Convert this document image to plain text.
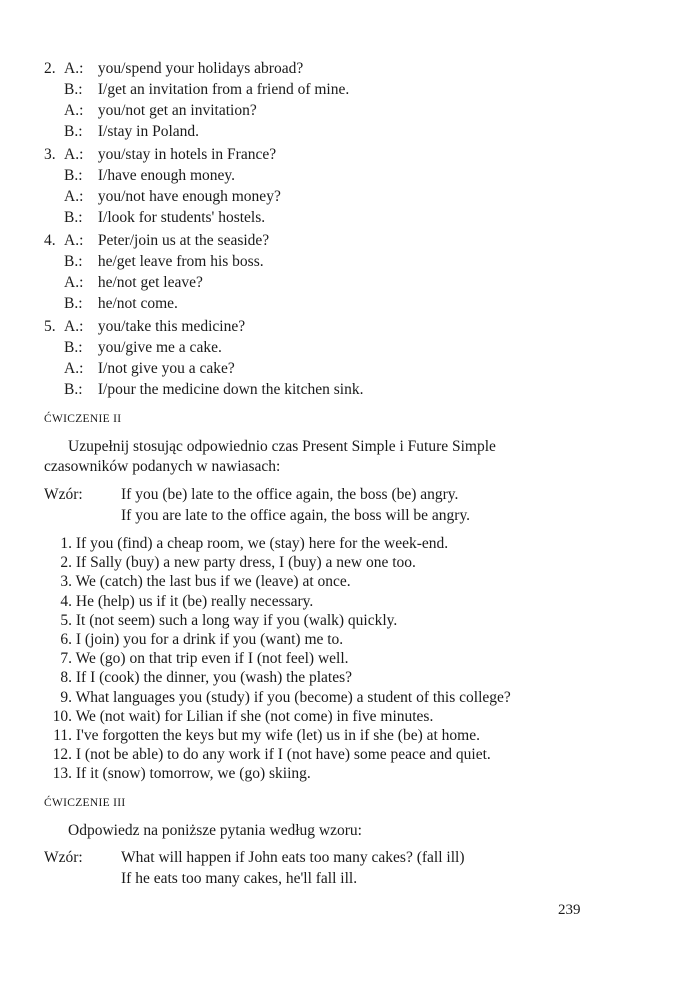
2. A.: you/spend your holidays abroad?
B.: I/get an invitation from a friend of mine.
A.: you/not get an invitation?
B.: I/stay in Poland.
3. A.: you/stay in hotels in France?
B.: I/have enough money.
A.: you/not have enough money?
B.: I/look for students' hostels.
4. A.: Peter/join us at the seaside?
B.: he/get leave from his boss.
A.: he/not get leave?
B.: he/not come.
5. A.: you/take this medicine?
B.: you/give me a cake.
A.: I/not give you a cake?
B.: I/pour the medicine down the kitchen sink.
ĆWICZENIE II
Uzupełnij stosując odpowiednio czas Present Simple i Future Simple
czasowników podanych w nawiasach:
Wzór: If you (be) late to the office again, the boss (be) angry.
If you are late to the office again, the boss will be angry.
1. If you (find) a cheap room, we (stay) here for the week-end.
2. If Sally (buy) a new party dress, I (buy) a new one too.
3. We (catch) the last bus if we (leave) at once.
4. He (help) us if it (be) really necessary.
5. It (not seem) such a long way if you (walk) quickly.
6. I (join) you for a drink if you (want) me to.
7. We (go) on that trip even if I (not feel) well.
8. If I (cook) the dinner, you (wash) the plates?
9. What languages you (study) if you (become) a student of this college?
10. We (not wait) for Lilian if she (not come) in five minutes.
11. I've forgotten the keys but my wife (let) us in if she (be) at home.
12. I (not be able) to do any work if I (not have) some peace and quiet.
13. If it (snow) tomorrow, we (go) skiing.
ĆWICZENIE III
Odpowiedz na poniższe pytania według wzoru:
Wzór: What will happen if John eats too many cakes? (fall ill)
If he eats too many cakes, he'll fall ill.
239
